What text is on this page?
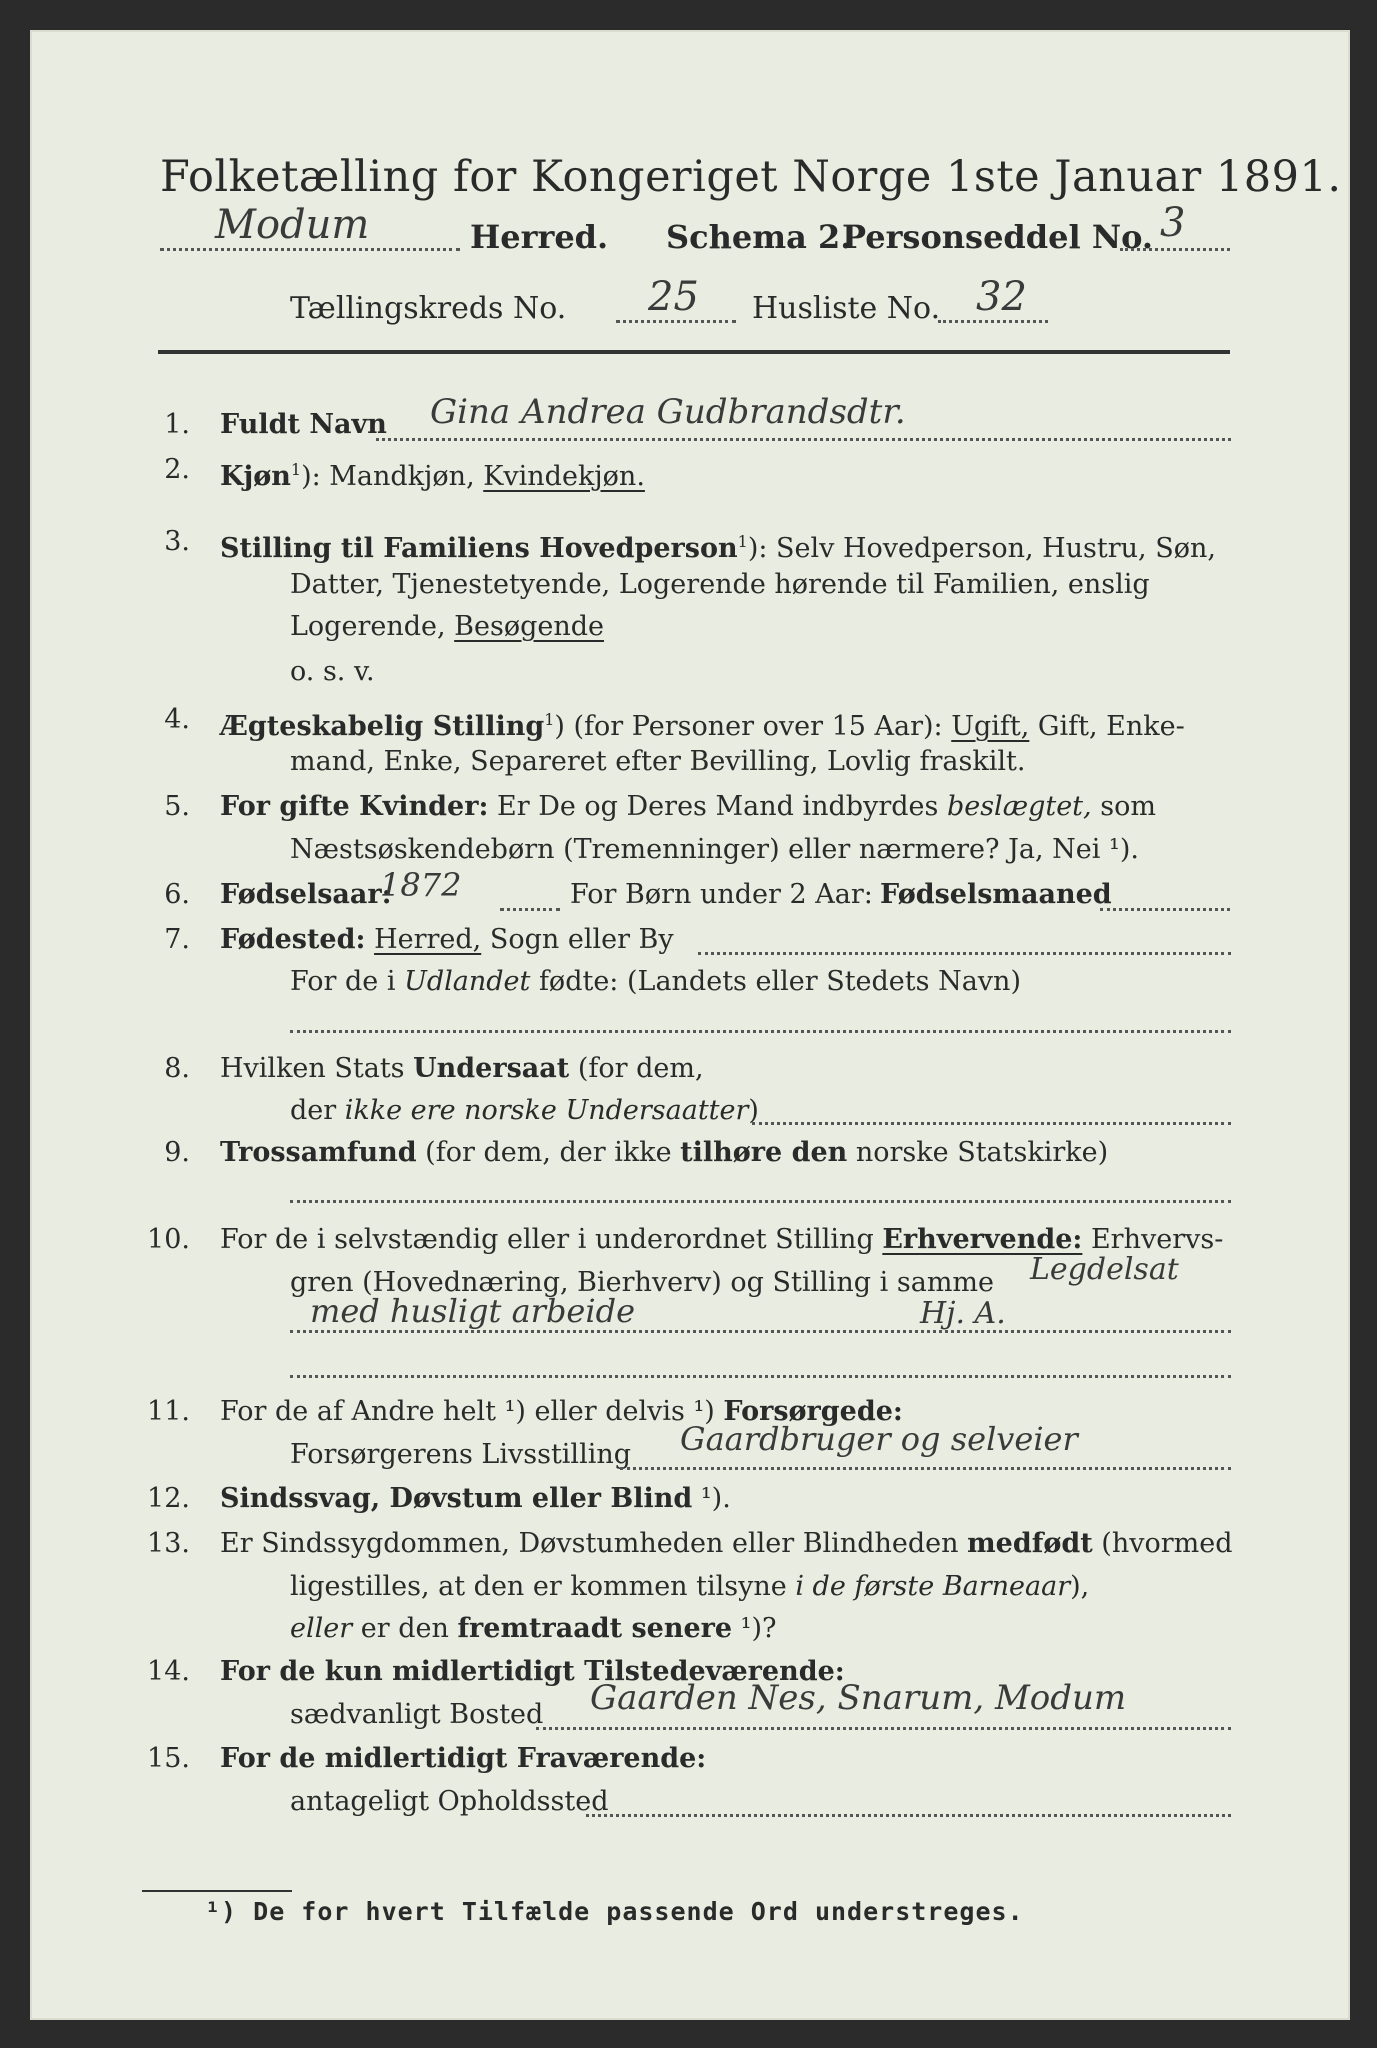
Folketælling for Kongeriget Norge 1ste Januar 1891.
Modum	Herred. Schema 2.
Personseddel No. 3
Tællingskreds No. 25 Husliste No. 32
1. Fuldt Navn Gina Andrea Gudbrandsdtr.
2. Kjøn$^1$): Mandkjøn, Kvindekjøn.
3. Stilling til Familiens Hovedperson$^1$): Selv Hovedperson, Hustru, Søn,
Datter, Tjenestetyende, Logerende hørende til Familien, enslig
Logerende, Besøgende
o. s. v.
4. Ægteskabelig Stilling$^1$) (for Personer over 15 Aar): Ugift, Gift, Enke-
mand, Enke, Separeret efter Bevilling, Lovlig fraskilt.
5. For gifte Kvinder: Er De og Deres Mand indbyrdes beslægtet, som
Næstsøskendebørn (Tremenninger) eller nærmere? Ja, Nei ¹).
6. Fødselsaar:
1872	For Børn under 2 Aar: Fødselsmaaned
7. Fødested: Herred, Sogn eller By
For de i Udlandet fødte: (Landets eller Stedets Navn)
8. Hvilken Stats Undersaat (for dem,
der ikke ere norske Undersaatter)
9. Trossamfund (for dem, der ikke tilhøre den norske Statskirke)
10. For de i selvstændig eller i underordnet Stilling Erhvervende: Erhvervs-
gren (Hovednæring, Bierhverv) og Stilling i samme Legdelsat
med husligt arbeide	Hj. A.
11. For de af Andre helt ¹) eller delvis ¹) Forsørgede:
Forsørgerens Livsstilling Gaardbruger og selveier
12. Sindssvag, Døvstum eller Blind ¹).
13. Er Sindssygdommen, Døvstumheden eller Blindheden medfødt (hvormed
ligestilles, at den er kommen tilsyne i de første Barneaar),
eller er den fremtraadt senere ¹)?
14. For de kun midlertidigt Tilstedeværende:
sædvanligt Bosted Gaarden Nes, Snarum, Modum
15. For de midlertidigt Fraværende:
antageligt Opholdssted
¹) De for hvert Tilfælde passende Ord understreges.
